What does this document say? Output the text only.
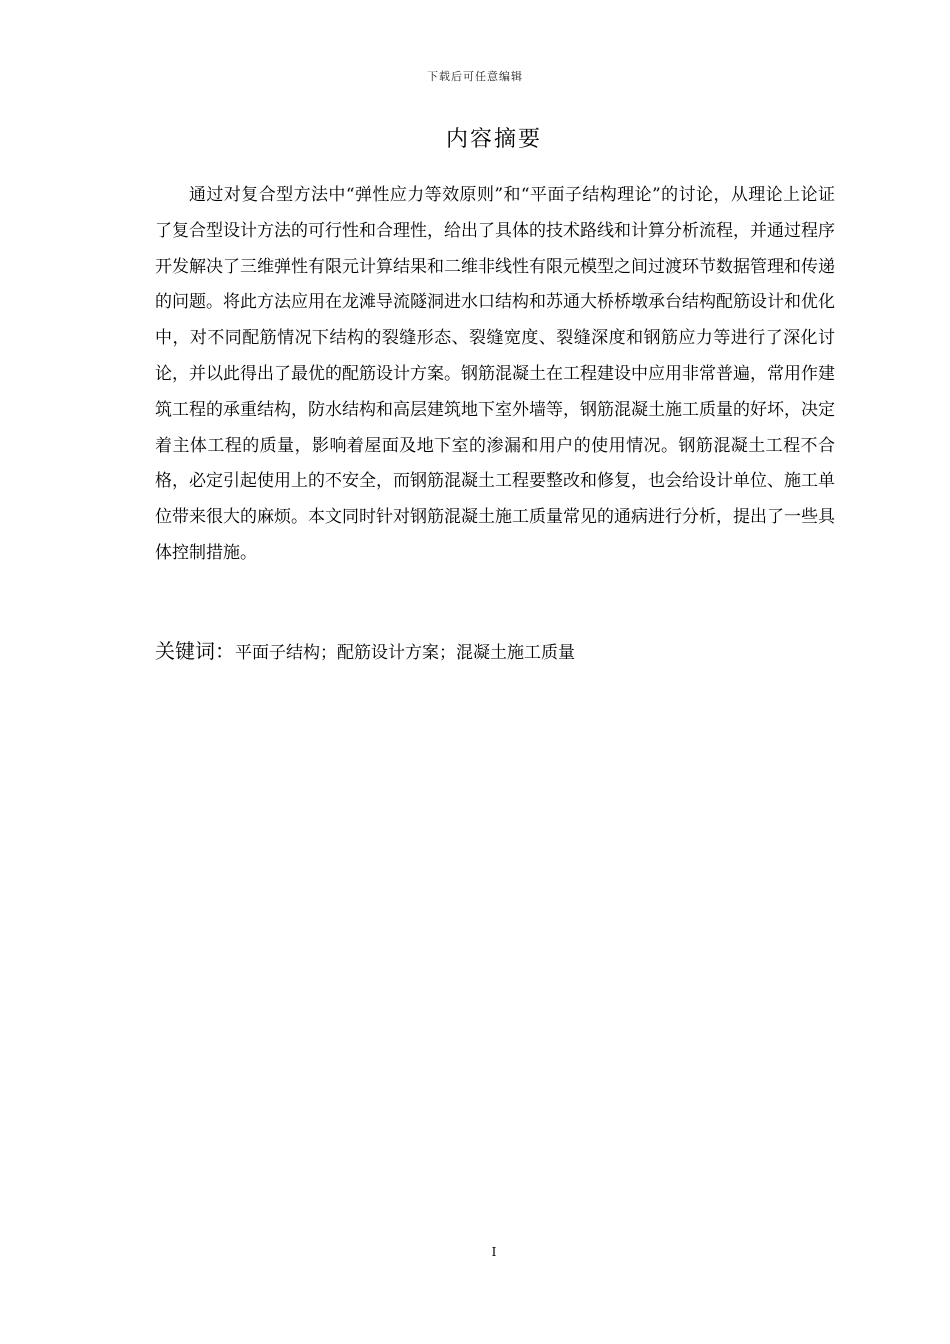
下载后可任意编辑
内容摘要

通过对复合型方法中“弹性应力等效原则”和“平面子结构理论”的讨论，从理论上论证了复合型设计方法的可行性和合理性，给出了具体的技术路线和计算分析流程，并通过程序开发解决了三维弹性有限元计算结果和二维非线性有限元模型之间过渡环节数据管理和传递的问题。将此方法应用在龙滩导流隧洞进水口结构和苏通大桥桥墩承台结构配筋设计和优化中，对不同配筋情况下结构的裂缝形态、裂缝宽度、裂缝深度和钢筋应力等进行了深化讨论，并以此得出了最优的配筋设计方案。钢筋混凝土在工程建设中应用非常普遍，常用作建筑工程的承重结构，防水结构和高层建筑地下室外墙等，钢筋混凝土施工质量的好坏，决定着主体工程的质量，影响着屋面及地下室的渗漏和用户的使用情况。钢筋混凝土工程不合格，必定引起使用上的不安全，而钢筋混凝土工程要整改和修复，也会给设计单位、施工单位带来很大的麻烦。本文同时针对钢筋混凝土施工质量常见的通病进行分析，提出了一些具体控制措施。

关键词：平面子结构；配筋设计方案；混凝土施工质量
I
